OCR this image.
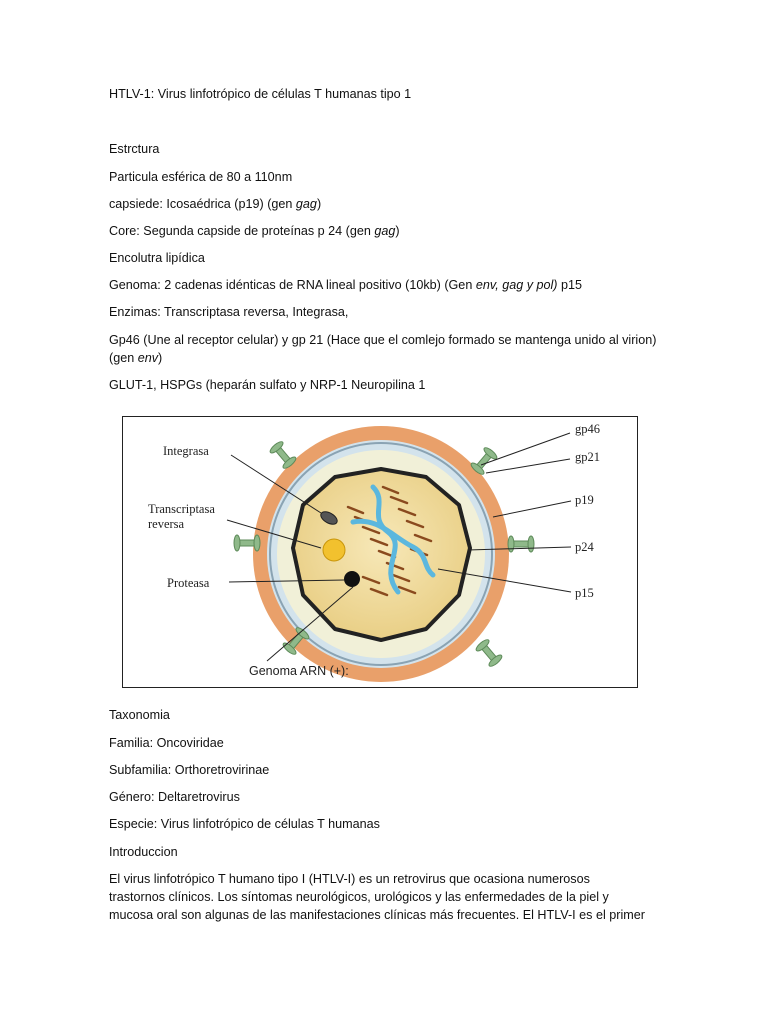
HTLV-1: Virus linfotrópico de células T humanas tipo 1

Estrctura

Particula esférica de 80 a 110nm

capsiede: Icosaédrica (p19) (gen gag)

Core: Segunda capside de proteínas p 24 (gen gag)

Encolutra lipídica

Genoma: 2 cadenas idénticas de RNA lineal positivo (10kb) (Gen env, gag y pol) p15

Enzimas: Transcriptasa reversa, Integrasa,

Gp46 (Une al receptor celular) y gp 21 (Hace que el comlejo formado se mantenga unido al virion) (gen env)

GLUT-1, HSPGs (heparán sulfato y NRP-1 Neuropilina 1

Integrasa
Transcriptasa
reversa
Proteasa
Genoma ARN (+):
gp46
gp21
p19
p24
p15

Taxonomia

Familia: Oncoviridae

Subfamilia: Orthoretrovirinae

Género: Deltaretrovirus

Especie: Virus linfotrópico de células T humanas

Introduccion

El virus linfotrópico T humano tipo I (HTLV-I) es un retrovirus que ocasiona numerosos

trastornos clínicos. Los síntomas neurológicos, urológicos y las enfermedades de la piel y

mucosa oral son algunas de las manifestaciones clínicas más frecuentes. El HTLV-I es el primer
